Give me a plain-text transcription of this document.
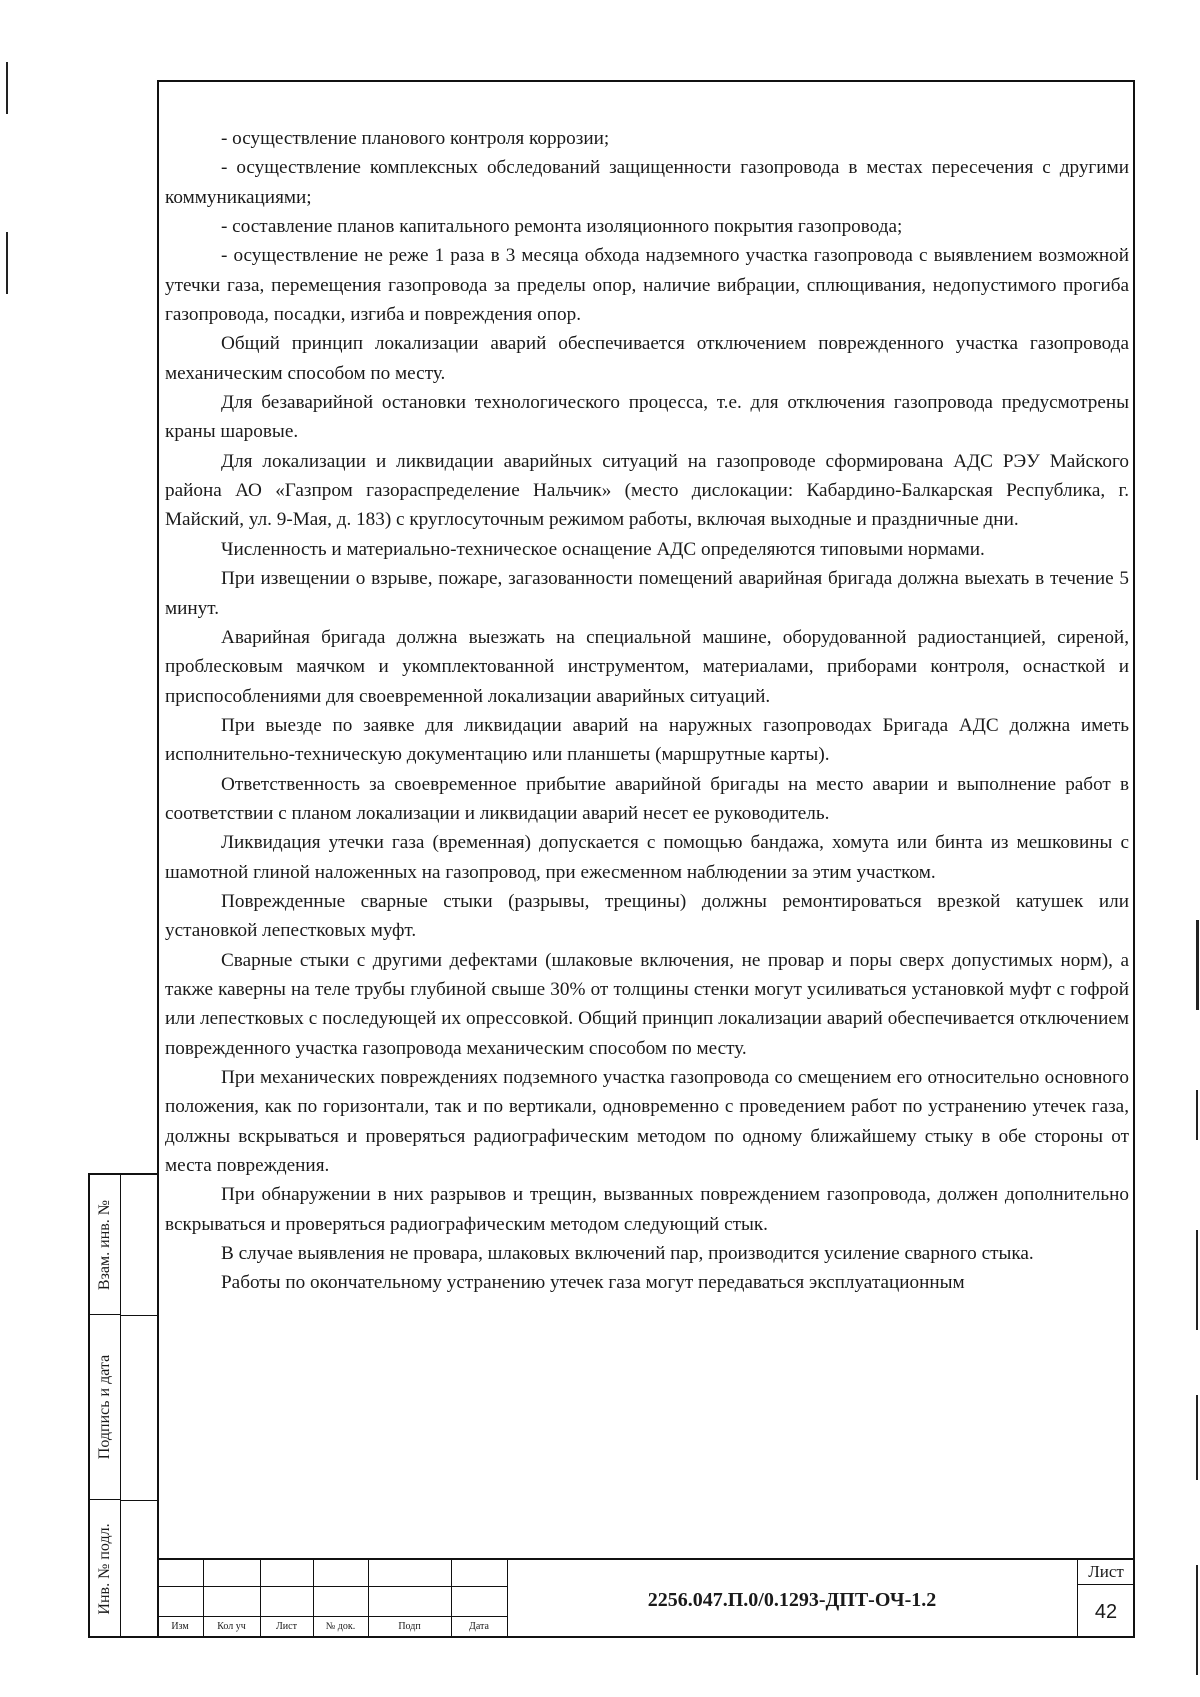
- осуществление планового контроля коррозии;

- осуществление комплексных обследований защищенности газопровода в местах пересечения с другими коммуникациями;

- составление планов капитального ремонта изоляционного покрытия газопровода;

- осуществление не реже 1 раза в 3 месяца обхода надземного участка газопровода с выявлением возможной утечки газа, перемещения газопровода за пределы опор, наличие вибрации, сплющивания, недопустимого прогиба газопровода, посадки, изгиба и повреждения опор.

Общий принцип локализации аварий обеспечивается отключением поврежденного участка газопровода механическим способом по месту.

Для безаварийной остановки технологического процесса, т.е. для отключения газопровода предусмотрены краны шаровые.

Для локализации и ликвидации аварийных ситуаций на газопроводе сформирована АДС РЭУ Майского района АО «Газпром газораспределение Нальчик» (место дислокации: Кабардино-Балкарская Республика, г. Майский, ул. 9-Мая, д. 183) с круглосуточным режимом работы, включая выходные и праздничные дни.

Численность и материально-техническое оснащение АДС определяются типовыми нормами.

При извещении о взрыве, пожаре, загазованности помещений аварийная бригада должна выехать в течение 5 минут.

Аварийная бригада должна выезжать на специальной машине, оборудованной радиостанцией, сиреной, проблесковым маячком и укомплектованной инструментом, материалами, приборами контроля, оснасткой и приспособлениями для своевременной локализации аварийных ситуаций.

При выезде по заявке для ликвидации аварий на наружных газопроводах Бригада АДС должна иметь исполнительно-техническую документацию или планшеты (маршрутные карты).

Ответственность за своевременное прибытие аварийной бригады на место аварии и выполнение работ в соответствии с планом локализации и ликвидации аварий несет ее руководитель.

Ликвидация утечки газа (временная) допускается с помощью бандажа, хомута или бинта из мешковины с шамотной глиной наложенных на газопровод, при ежесменном наблюдении за этим участком.

Поврежденные сварные стыки (разрывы, трещины) должны ремонтироваться врезкой катушек или установкой лепестковых муфт.

Сварные стыки с другими дефектами (шлаковые включения, не провар и поры сверх допустимых норм), а также каверны на теле трубы глубиной свыше 30% от толщины стенки могут усиливаться установкой муфт с гофрой или лепестковых с последующей их опрессовкой. Общий принцип локализации аварий обеспечивается отключением поврежденного участка газопровода механическим способом по месту.

При механических повреждениях подземного участка газопровода со смещением его относительно основного положения, как по горизонтали, так и по вертикали, одновременно с проведением работ по устранению утечек газа, должны вскрываться и проверяться радиографическим методом по одному ближайшему стыку в обе стороны от места повреждения.

При обнаружении в них разрывов и трещин, вызванных повреждением газопровода, должен дополнительно вскрываться и проверяться радиографическим методом следующий стык.

В случае выявления не провара, шлаковых включений пар, производится усиление сварного стыка.

Работы по окончательному устранению утечек газа могут передаваться эксплуатационным

Взам. инв. №
Подпись и дата
Инв. № подл.
Изм	Кол уч	Лист	№ док.	Подп	Дата
2256.047.П.0/0.1293-ДПТ-ОЧ-1.2
Лист
42
